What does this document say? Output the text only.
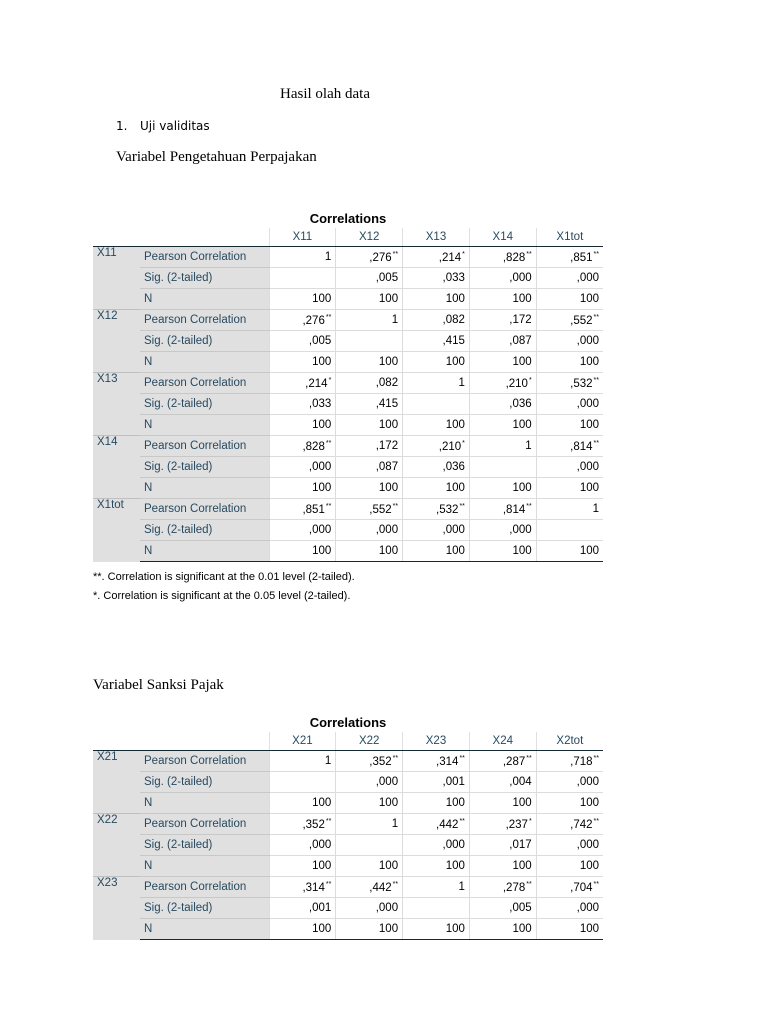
Hasil olah data
1. Uji validitas
Variabel Pengetahuan Perpajakan
Correlations
		X11	X12	X13	X14	X1tot
X11	Pearson Correlation	1	,276**	,214*	,828**	,851**
	Sig. (2-tailed)		,005	,033	,000	,000
	N	100	100	100	100	100
X12	Pearson Correlation	,276**	1	,082	,172	,552**
	Sig. (2-tailed)	,005		,415	,087	,000
	N	100	100	100	100	100
X13	Pearson Correlation	,214*	,082	1	,210*	,532**
	Sig. (2-tailed)	,033	,415		,036	,000
	N	100	100	100	100	100
X14	Pearson Correlation	,828**	,172	,210*	1	,814**
	Sig. (2-tailed)	,000	,087	,036		,000
	N	100	100	100	100	100
X1tot	Pearson Correlation	,851**	,552**	,532**	,814**	1
	Sig. (2-tailed)	,000	,000	,000	,000	
	N	100	100	100	100	100
**. Correlation is significant at the 0.01 level (2-tailed).
*. Correlation is significant at the 0.05 level (2-tailed).
Variabel Sanksi Pajak
Correlations
		X21	X22	X23	X24	X2tot
X21	Pearson Correlation	1	,352**	,314**	,287**	,718**
	Sig. (2-tailed)		,000	,001	,004	,000
	N	100	100	100	100	100
X22	Pearson Correlation	,352**	1	,442**	,237*	,742**
	Sig. (2-tailed)	,000		,000	,017	,000
	N	100	100	100	100	100
X23	Pearson Correlation	,314**	,442**	1	,278**	,704**
	Sig. (2-tailed)	,001	,000		,005	,000
	N	100	100	100	100	100
